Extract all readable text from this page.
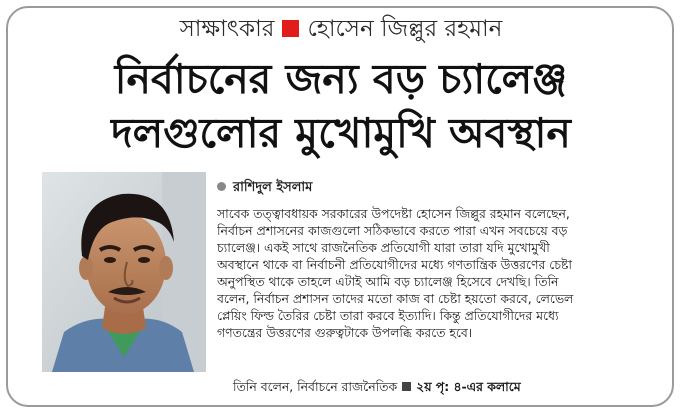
সাক্ষাৎকার হোসেন জিল্লুর রহমান
নির্বাচনের জন্য বড় চ্যালেঞ্জ
দলগুলোর মুখোমুখি অবস্থান
রাশিদুল ইসলাম

সাবেক তত্ত্বাবধায়ক সরকারের উপদেষ্টা হোসেন জিল্লুর রহমান বলেছেন,

নির্বাচন প্রশাসনের কাজগুলো সঠিকভাবে করতে পারা এখন সবচেয়ে বড়

চ্যালেঞ্জ। একই সাথে রাজনৈতিক প্রতিযোগী যারা তারা যদি মুখোমুখী

অবস্থানে থাকে বা নির্বাচনী প্রতিযোগীদের মধ্যে গণতান্ত্রিক উত্তরণের চেষ্টা

অনুপস্থিত থাকে তাহলে এটাই আমি বড় চ্যালেঞ্জ হিসেবে দেখছি। তিনি

বলেন, নির্বাচন প্রশাসন তাদের মতো কাজ বা চেষ্টা হয়তো করবে, লেভেল

প্লেয়িং ফিল্ড তৈরির চেষ্টা তারা করবে ইত্যাদি। কিন্তু প্রতিযোগীদের মধ্যে

গণতন্ত্রের উত্তরণের গুরুত্বটাকে উপলব্ধি করতে হবে।

তিনি বলেন, নির্বাচনে রাজনৈতিক ২য় পৃ: ৪-এর কলামে
